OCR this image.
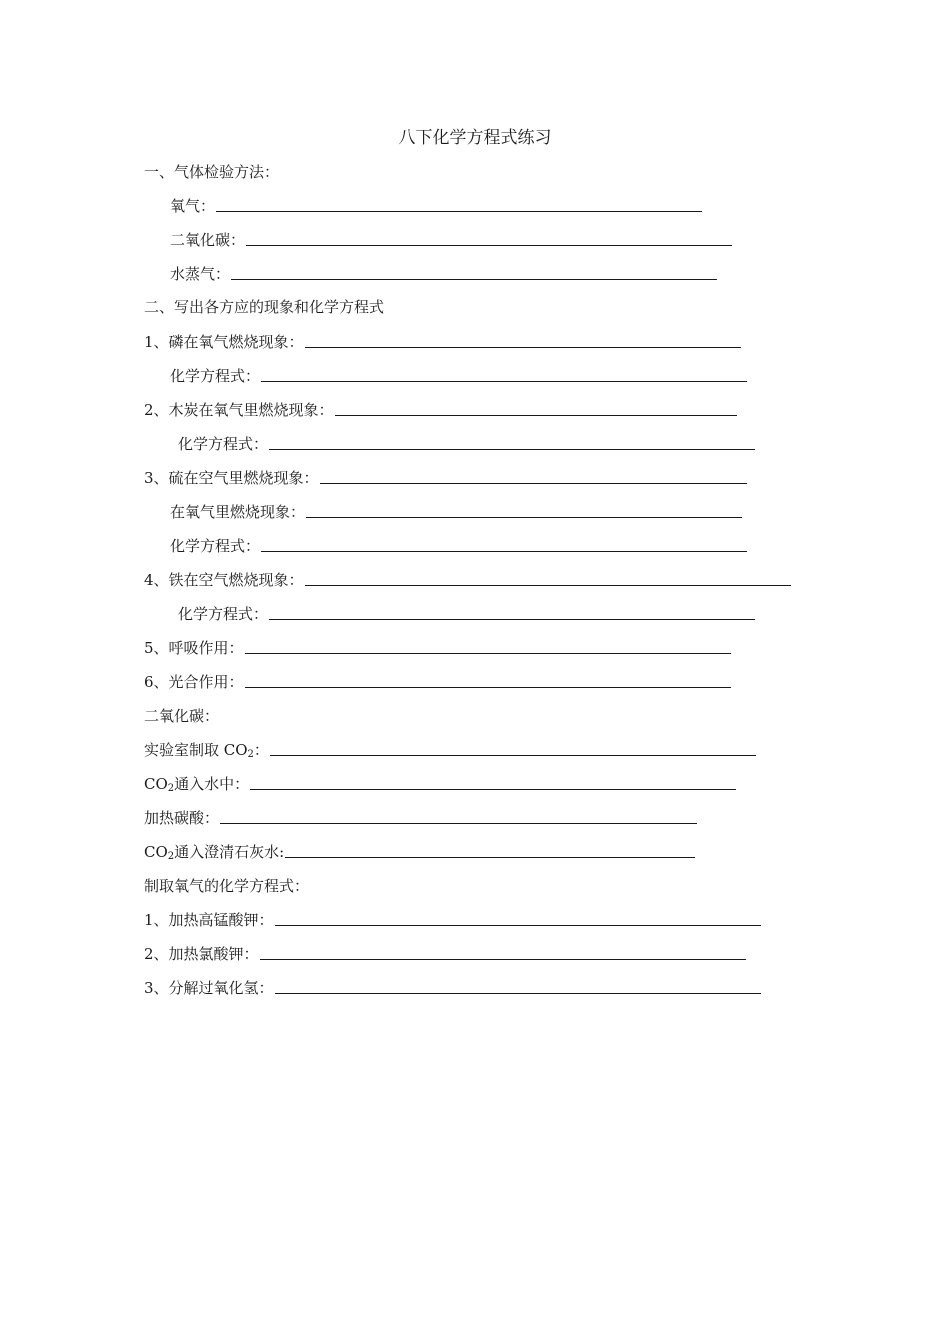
八下化学方程式练习
一、气体检验方法：
氧气：
二氧化碳：
水蒸气：
二、写出各方应的现象和化学方程式
1、磷在氧气燃烧现象：
化学方程式：
2、木炭在氧气里燃烧现象：
化学方程式：
3、硫在空气里燃烧现象：
在氧气里燃烧现象：
化学方程式：
4、铁在空气燃烧现象：
化学方程式：
5、呼吸作用：
6、光合作用：
二氧化碳：
实验室制取 $CO_2$：
$CO_2$通入水中：
加热碳酸：
$CO_2$通入澄清石灰水:
制取氧气的化学方程式：
1、加热高锰酸钾：
2、加热氯酸钾：
3、分解过氧化氢：
